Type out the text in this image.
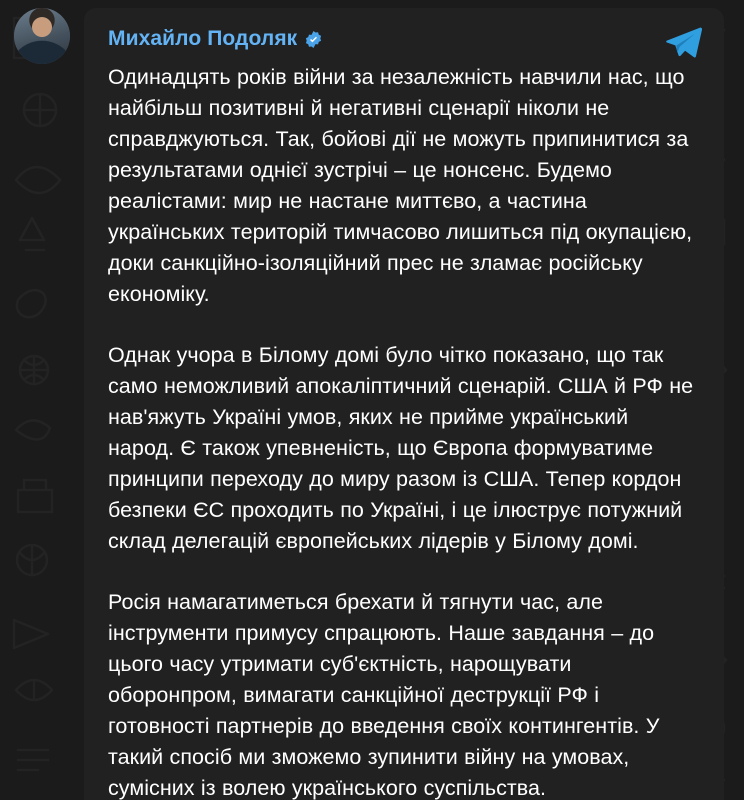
Михайло Подоляк

Одинадцять років війни за незалежність навчили нас, що найбільш позитивні й негативні сценарії ніколи не справджуються. Так, бойові дії не можуть припинитися за результатами однієї зустрічі – це нонсенс. Будемо реалістами: мир не настане миттєво, а частина українських територій тимчасово лишиться під окупацією, доки санкційно-ізоляційний прес не зламає російську економіку.

Однак учора в Білому домі було чітко показано, що так само неможливий апокаліптичний сценарій. США й РФ не нав'яжуть Україні умов, яких не прийме український народ. Є також упевненість, що Європа формуватиме принципи переходу до миру разом із США. Тепер кордон безпеки ЄС проходить по Україні, і це ілюструє потужний склад делегацій європейських лідерів у Білому домі.

Росія намагатиметься брехати й тягнути час, але інструменти примусу спрацюють. Наше завдання – до цього часу утримати суб'єктність, нарощувати оборонпром, вимагати санкційної деструкції РФ і готовності партнерів до введення своїх контингентів. У такий спосіб ми зможемо зупинити війну на умовах, сумісних із волею українського суспільства.
